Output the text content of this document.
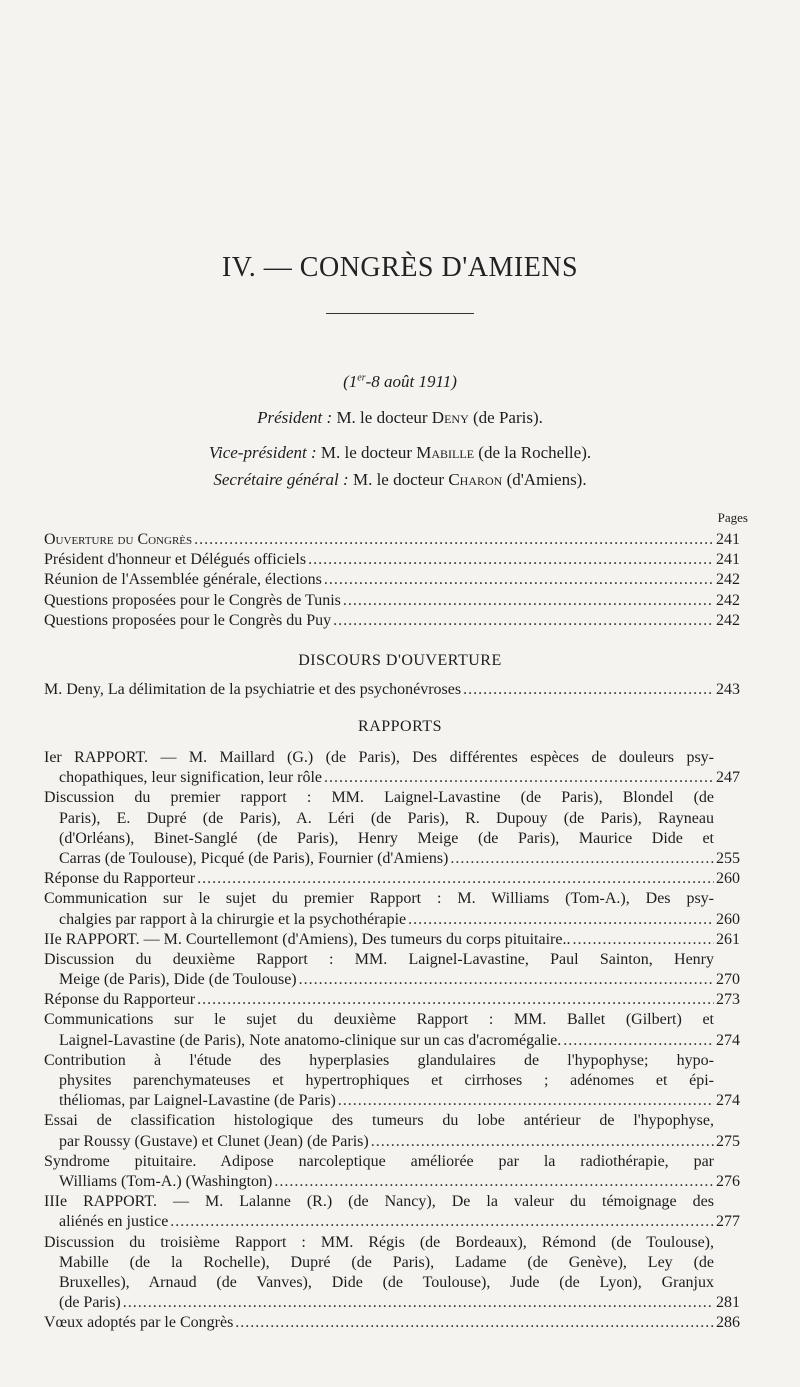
IV. — CONGRÈS D'AMIENS
(1er-8 août 1911)
Président : M. le docteur Deny (de Paris).
Vice-président : M. le docteur Mabille (de la Rochelle).
Secrétaire général : M. le docteur Charon (d'Amiens).
Pages
Ouverture du Congrès .....	241
Président d'honneur et Délégués officiels .....	241
Réunion de l'Assemblée générale, élections .....	242
Questions proposées pour le Congrès de Tunis .....	242
Questions proposées pour le Congrès du Puy .....	242
DISCOURS D'OUVERTURE
M. Deny, La délimitation de la psychiatrie et des psychonévroses .....	243
RAPPORTS
Ier RAPPORT. — M. Maillard (G.) (de Paris), Des différentes espèces de douleurs psy-
chopathiques, leur signification, leur rôle .....	247
Discussion du premier rapport : MM. Laignel-Lavastine (de Paris), Blondel (de
Paris), E. Dupré (de Paris), A. Léri (de Paris), R. Dupouy (de Paris), Rayneau
(d'Orléans), Binet-Sanglé (de Paris), Henry Meige (de Paris), Maurice Dide et
Carras (de Toulouse), Picqué (de Paris), Fournier (d'Amiens) .....	255
Réponse du Rapporteur .....	260
Communication sur le sujet du premier Rapport : M. Williams (Tom-A.), Des psy-
chalgies par rapport à la chirurgie et la psychothérapie .....	260
IIe RAPPORT. — M. Courtellemont (d'Amiens), Des tumeurs du corps pituitaire.. .....	261
Discussion du deuxième Rapport : MM. Laignel-Lavastine, Paul Sainton, Henry
Meige (de Paris), Dide (de Toulouse) .....	270
Réponse du Rapporteur .....	273
Communications sur le sujet du deuxième Rapport : MM. Ballet (Gilbert) et
Laignel-Lavastine (de Paris), Note anatomo-clinique sur un cas d'acromégalie. .....	274
Contribution à l'étude des hyperplasies glandulaires de l'hypophyse; hypo-
physites parenchymateuses et hypertrophiques et cirrhoses ; adénomes et épi-
théliomas, par Laignel-Lavastine (de Paris) .....	274
Essai de classification histologique des tumeurs du lobe antérieur de l'hypophyse,
par Roussy (Gustave) et Clunet (Jean) (de Paris) .....	275
Syndrome pituitaire. Adipose narcoleptique améliorée par la radiothérapie, par
Williams (Tom-A.) (Washington) .....	276
IIIe RAPPORT. — M. Lalanne (R.) (de Nancy), De la valeur du témoignage des
aliénés en justice .....	277
Discussion du troisième Rapport : MM. Régis (de Bordeaux), Rémond (de Toulouse),
Mabille (de la Rochelle), Dupré (de Paris), Ladame (de Genève), Ley (de
Bruxelles), Arnaud (de Vanves), Dide (de Toulouse), Jude (de Lyon), Granjux
(de Paris) .....	281
Vœux adoptés par le Congrès .....	286
